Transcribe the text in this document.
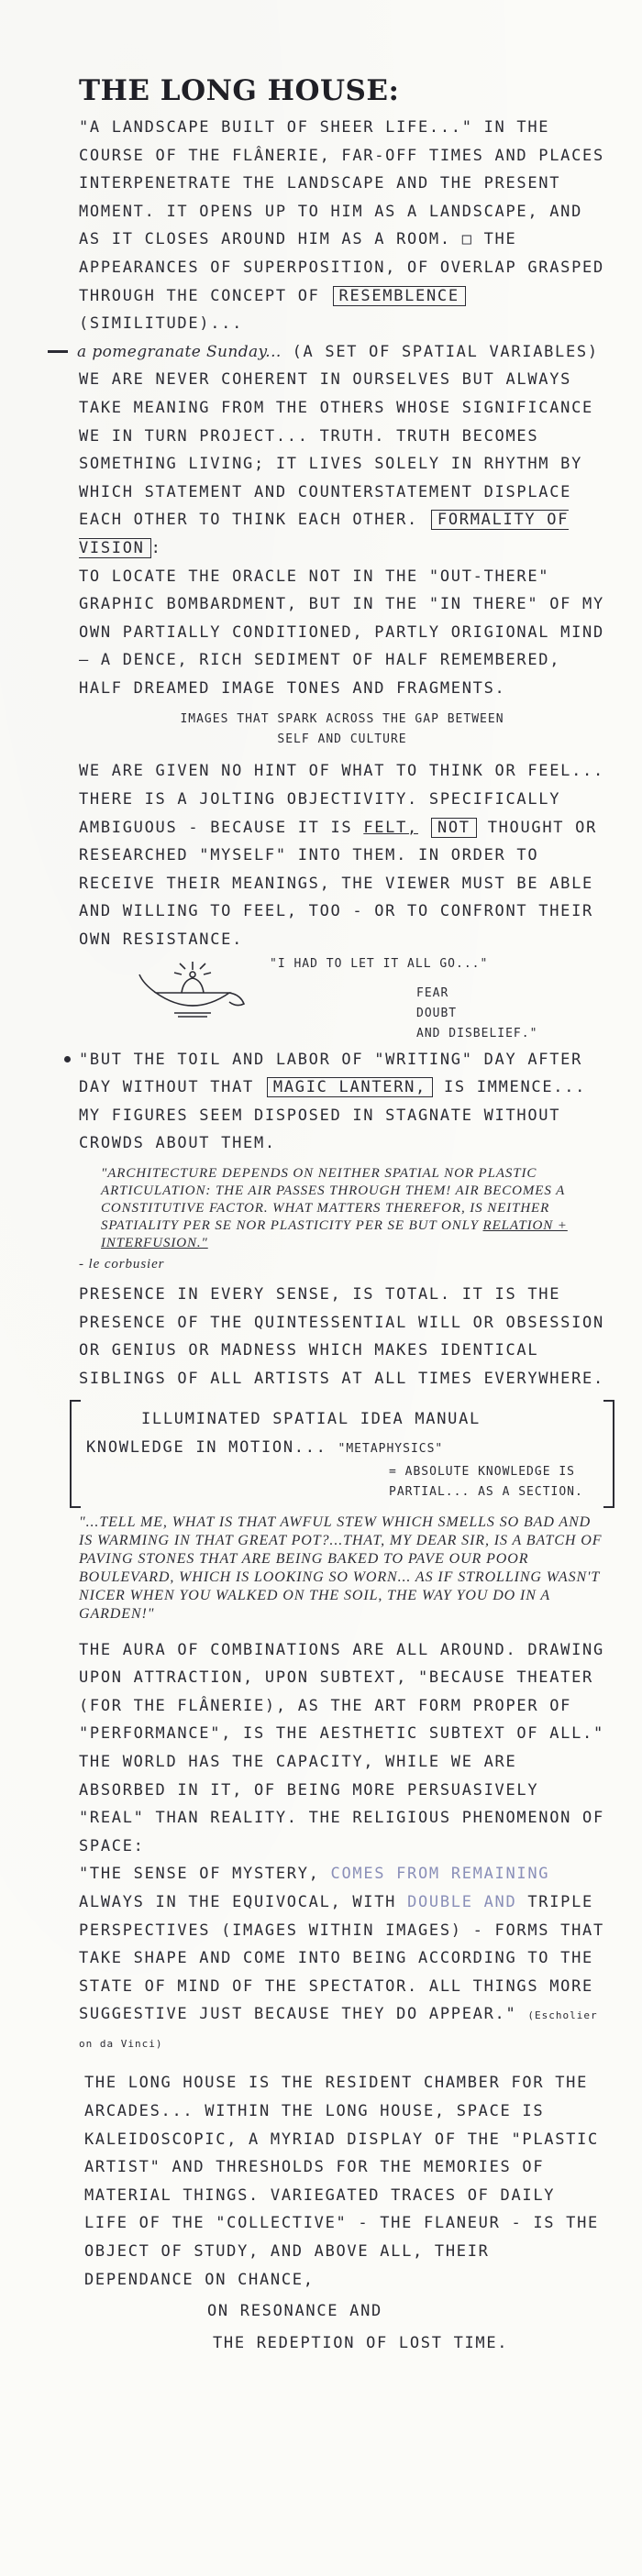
THE LONG HOUSE:

"A LANDSCAPE BUILT OF SHEER LIFE..." IN THE COURSE OF THE FLÂNERIE, FAR-OFF TIMES AND PLACES INTERPENETRATE THE LANDSCAPE AND THE PRESENT MOMENT. IT OPENS UP TO HIM AS A LANDSCAPE, AND AS IT CLOSES AROUND HIM AS A ROOM. □ THE APPEARANCES OF SUPERPOSITION, OF OVERLAP GRASPED THROUGH THE CONCEPT OF RESEMBLENCE (SIMILITUDE)...

a pomegranate Sunday... (A SET OF SPATIAL VARIABLES)

WE ARE NEVER COHERENT IN OURSELVES BUT ALWAYS TAKE MEANING FROM THE OTHERS WHOSE SIGNIFICANCE WE IN TURN PROJECT... TRUTH. TRUTH BECOMES SOMETHING LIVING; IT LIVES SOLELY IN RHYTHM BY WHICH STATEMENT AND COUNTERSTATEMENT DISPLACE EACH OTHER TO THINK EACH OTHER. FORMALITY OF VISION :

TO LOCATE THE ORACLE NOT IN THE "OUT-THERE" GRAPHIC BOMBARDMENT, BUT IN THE "IN THERE" OF MY OWN PARTIALLY CONDITIONED, PARTLY ORIGIONAL MIND — A DENCE, RICH SEDIMENT OF HALF REMEMBERED, HALF DREAMED IMAGE TONES AND FRAGMENTS.

IMAGES THAT SPARK ACROSS THE GAP BETWEEN SELF AND CULTURE

WE ARE GIVEN NO HINT OF WHAT TO THINK OR FEEL... THERE IS A JOLTING OBJECTIVITY. SPECIFICALLY AMBIGUOUS - BECAUSE IT IS FELT, NOT THOUGHT OR RESEARCHED "MYSELF" INTO THEM. IN ORDER TO RECEIVE THEIR MEANINGS, THE VIEWER MUST BE ABLE AND WILLING TO FEEL, TOO - OR TO CONFRONT THEIR OWN RESISTANCE.

"I HAD TO LET IT ALL GO..."
FEAR
DOUBT
AND DISBELIEF."

"BUT THE TOIL AND LABOR OF "WRITING" DAY AFTER DAY WITHOUT THAT MAGIC LANTERN, IS IMMENCE... MY FIGURES SEEM DISPOSED IN STAGNATE WITHOUT CROWDS ABOUT THEM.

"ARCHITECTURE DEPENDS ON NEITHER SPATIAL NOR PLASTIC ARTICULATION: THE AIR PASSES THROUGH THEM! AIR BECOMES A CONSTITUTIVE FACTOR. WHAT MATTERS THEREFOR, IS NEITHER SPATIALITY PER SE NOR PLASTICITY PER SE BUT ONLY RELATION + INTERFUSION."

- le corbusier

PRESENCE IN EVERY SENSE, IS TOTAL. IT IS THE PRESENCE OF THE QUINTESSENTIAL WILL OR OBSESSION OR GENIUS OR MADNESS WHICH MAKES IDENTICAL SIBLINGS OF ALL ARTISTS AT ALL TIMES EVERYWHERE.

ILLUMINATED SPATIAL IDEA MANUAL

KNOWLEDGE IN MOTION... "METAPHYSICS"

= ABSOLUTE KNOWLEDGE IS PARTIAL... AS A SECTION.

"...TELL ME, WHAT IS THAT AWFUL STEW WHICH SMELLS SO BAD AND IS WARMING IN THAT GREAT POT?...THAT, MY DEAR SIR, IS A BATCH OF PAVING STONES THAT ARE BEING BAKED TO PAVE OUR POOR BOULEVARD, WHICH IS LOOKING SO WORN... AS IF STROLLING WASN'T NICER WHEN YOU WALKED ON THE SOIL, THE WAY YOU DO IN A GARDEN!"

THE AURA OF COMBINATIONS ARE ALL AROUND. DRAWING UPON ATTRACTION, UPON SUBTEXT, "BECAUSE THEATER (FOR THE FLÂNERIE), AS THE ART FORM PROPER OF "PERFORMANCE", IS THE AESTHETIC SUBTEXT OF ALL." THE WORLD HAS THE CAPACITY, WHILE WE ARE ABSORBED IN IT, OF BEING MORE PERSUASIVELY "REAL" THAN REALITY. THE RELIGIOUS PHENOMENON OF SPACE:

"THE SENSE OF MYSTERY, COMES FROM REMAINING ALWAYS IN THE EQUIVOCAL, WITH DOUBLE AND TRIPLE PERSPECTIVES (IMAGES WITHIN IMAGES) - FORMS THAT TAKE SHAPE AND COME INTO BEING ACCORDING TO THE STATE OF MIND OF THE SPECTATOR. ALL THINGS MORE SUGGESTIVE JUST BECAUSE THEY DO APPEAR." (Escholier on da Vinci)

THE LONG HOUSE IS THE RESIDENT CHAMBER FOR THE ARCADES... WITHIN THE LONG HOUSE, SPACE IS KALEIDOSCOPIC, A MYRIAD DISPLAY OF THE "PLASTIC ARTIST" AND THRESHOLDS FOR THE MEMORIES OF MATERIAL THINGS. VARIEGATED TRACES OF DAILY LIFE OF THE "COLLECTIVE" - THE FLANEUR - IS THE OBJECT OF STUDY, AND ABOVE ALL, THEIR DEPENDANCE ON CHANCE,

ON RESONANCE AND

THE REDEPTION OF LOST TIME.
